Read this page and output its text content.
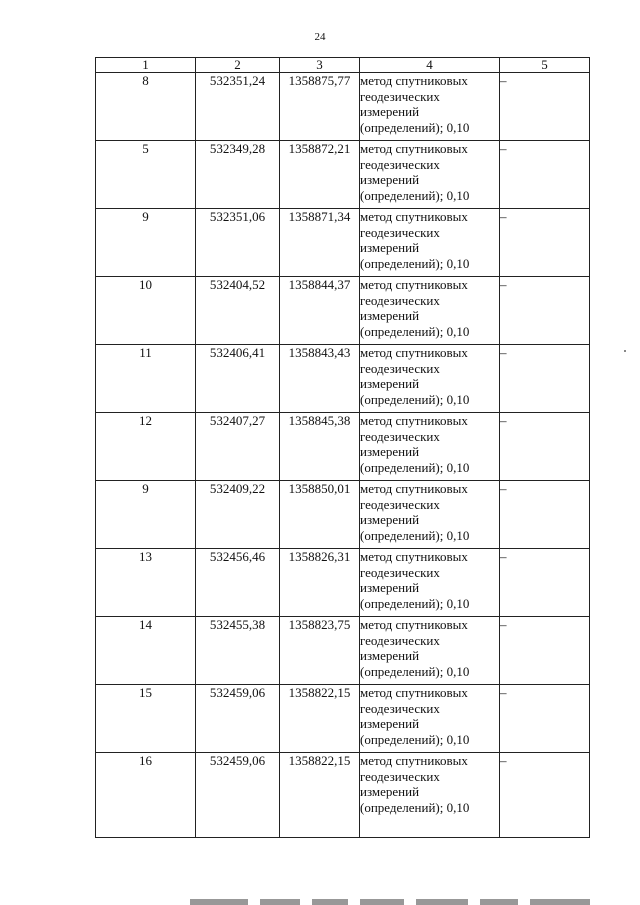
24
1	2	3	4	5
8	532351,24	1358875,77	метод спутниковых
геодезических
измерений
(определений); 0,10	–
5	532349,28	1358872,21	метод спутниковых
геодезических
измерений
(определений); 0,10	–
9	532351,06	1358871,34	метод спутниковых
геодезических
измерений
(определений); 0,10	–
10	532404,52	1358844,37	метод спутниковых
геодезических
измерений
(определений); 0,10	–
11	532406,41	1358843,43	метод спутниковых
геодезических
измерений
(определений); 0,10	–
12	532407,27	1358845,38	метод спутниковых
геодезических
измерений
(определений); 0,10	–
9	532409,22	1358850,01	метод спутниковых
геодезических
измерений
(определений); 0,10	–
13	532456,46	1358826,31	метод спутниковых
геодезических
измерений
(определений); 0,10	–
14	532455,38	1358823,75	метод спутниковых
геодезических
измерений
(определений); 0,10	–
15	532459,06	1358822,15	метод спутниковых
геодезических
измерений
(определений); 0,10	–
16	532459,06	1358822,15	метод спутниковых
геодезических
измерений
(определений); 0,10	–
